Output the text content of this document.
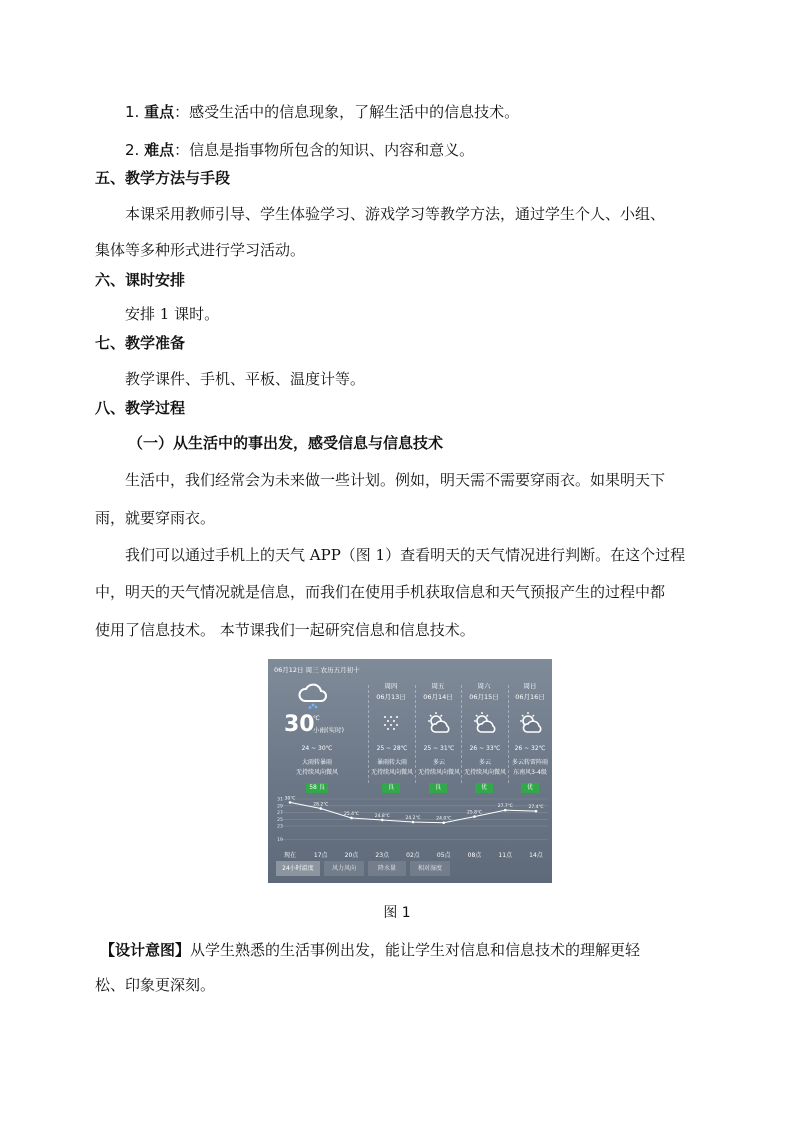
1. 重点：感受生活中的信息现象，了解生活中的信息技术。
2. 难点：信息是指事物所包含的知识、内容和意义。
五、教学方法与手段
本课采用教师引导、学生体验学习、游戏学习等教学方法，通过学生个人、小组、
集体等多种形式进行学习活动。
六、课时安排
安排 1 课时。
七、教学准备
教学课件、手机、平板、温度计等。
八、教学过程
（一）从生活中的事出发，感受信息与信息技术
生活中，我们经常会为未来做一些计划。例如，明天需不需要穿雨衣。如果明天下
雨，就要穿雨衣。
我们可以通过手机上的天气 APP（图 1）查看明天的天气情况进行判断。在这个过程
中，明天的天气情况就是信息，而我们在使用手机获取信息和天气预报产生的过程中都
使用了信息技术。 本节课我们一起研究信息和信息技术。
06月12日 周三 农历五月初十
30
℃
小雨(实时)
24 ~ 30℃
大雨转暴雨
无持续风向微风
58 良
周四
06月13日
25 ~ 28℃
暴雨转大雨
无持续风向微风
良
周五
06月14日
25 ~ 31℃
多云
无持续风向微风
良
周六
06月15日
26 ~ 33℃
多云
无持续风向微风
优
周日
06月16日
26 ~ 32℃
多云转雷阵雨
东南风3-4级
优
31
29
27
25
23
19
30℃
现在
28.2℃
17点
25.4℃
20点
24.8℃
23点
24.2℃
02点
24.0℃
05点
25.8℃
08点
27.7℃
11点
27.4℃
14点
24小时温度	风力风向	降水量	相对湿度
图 1
【设计意图】从学生熟悉的生活事例出发，能让学生对信息和信息技术的理解更轻
松、印象更深刻。
